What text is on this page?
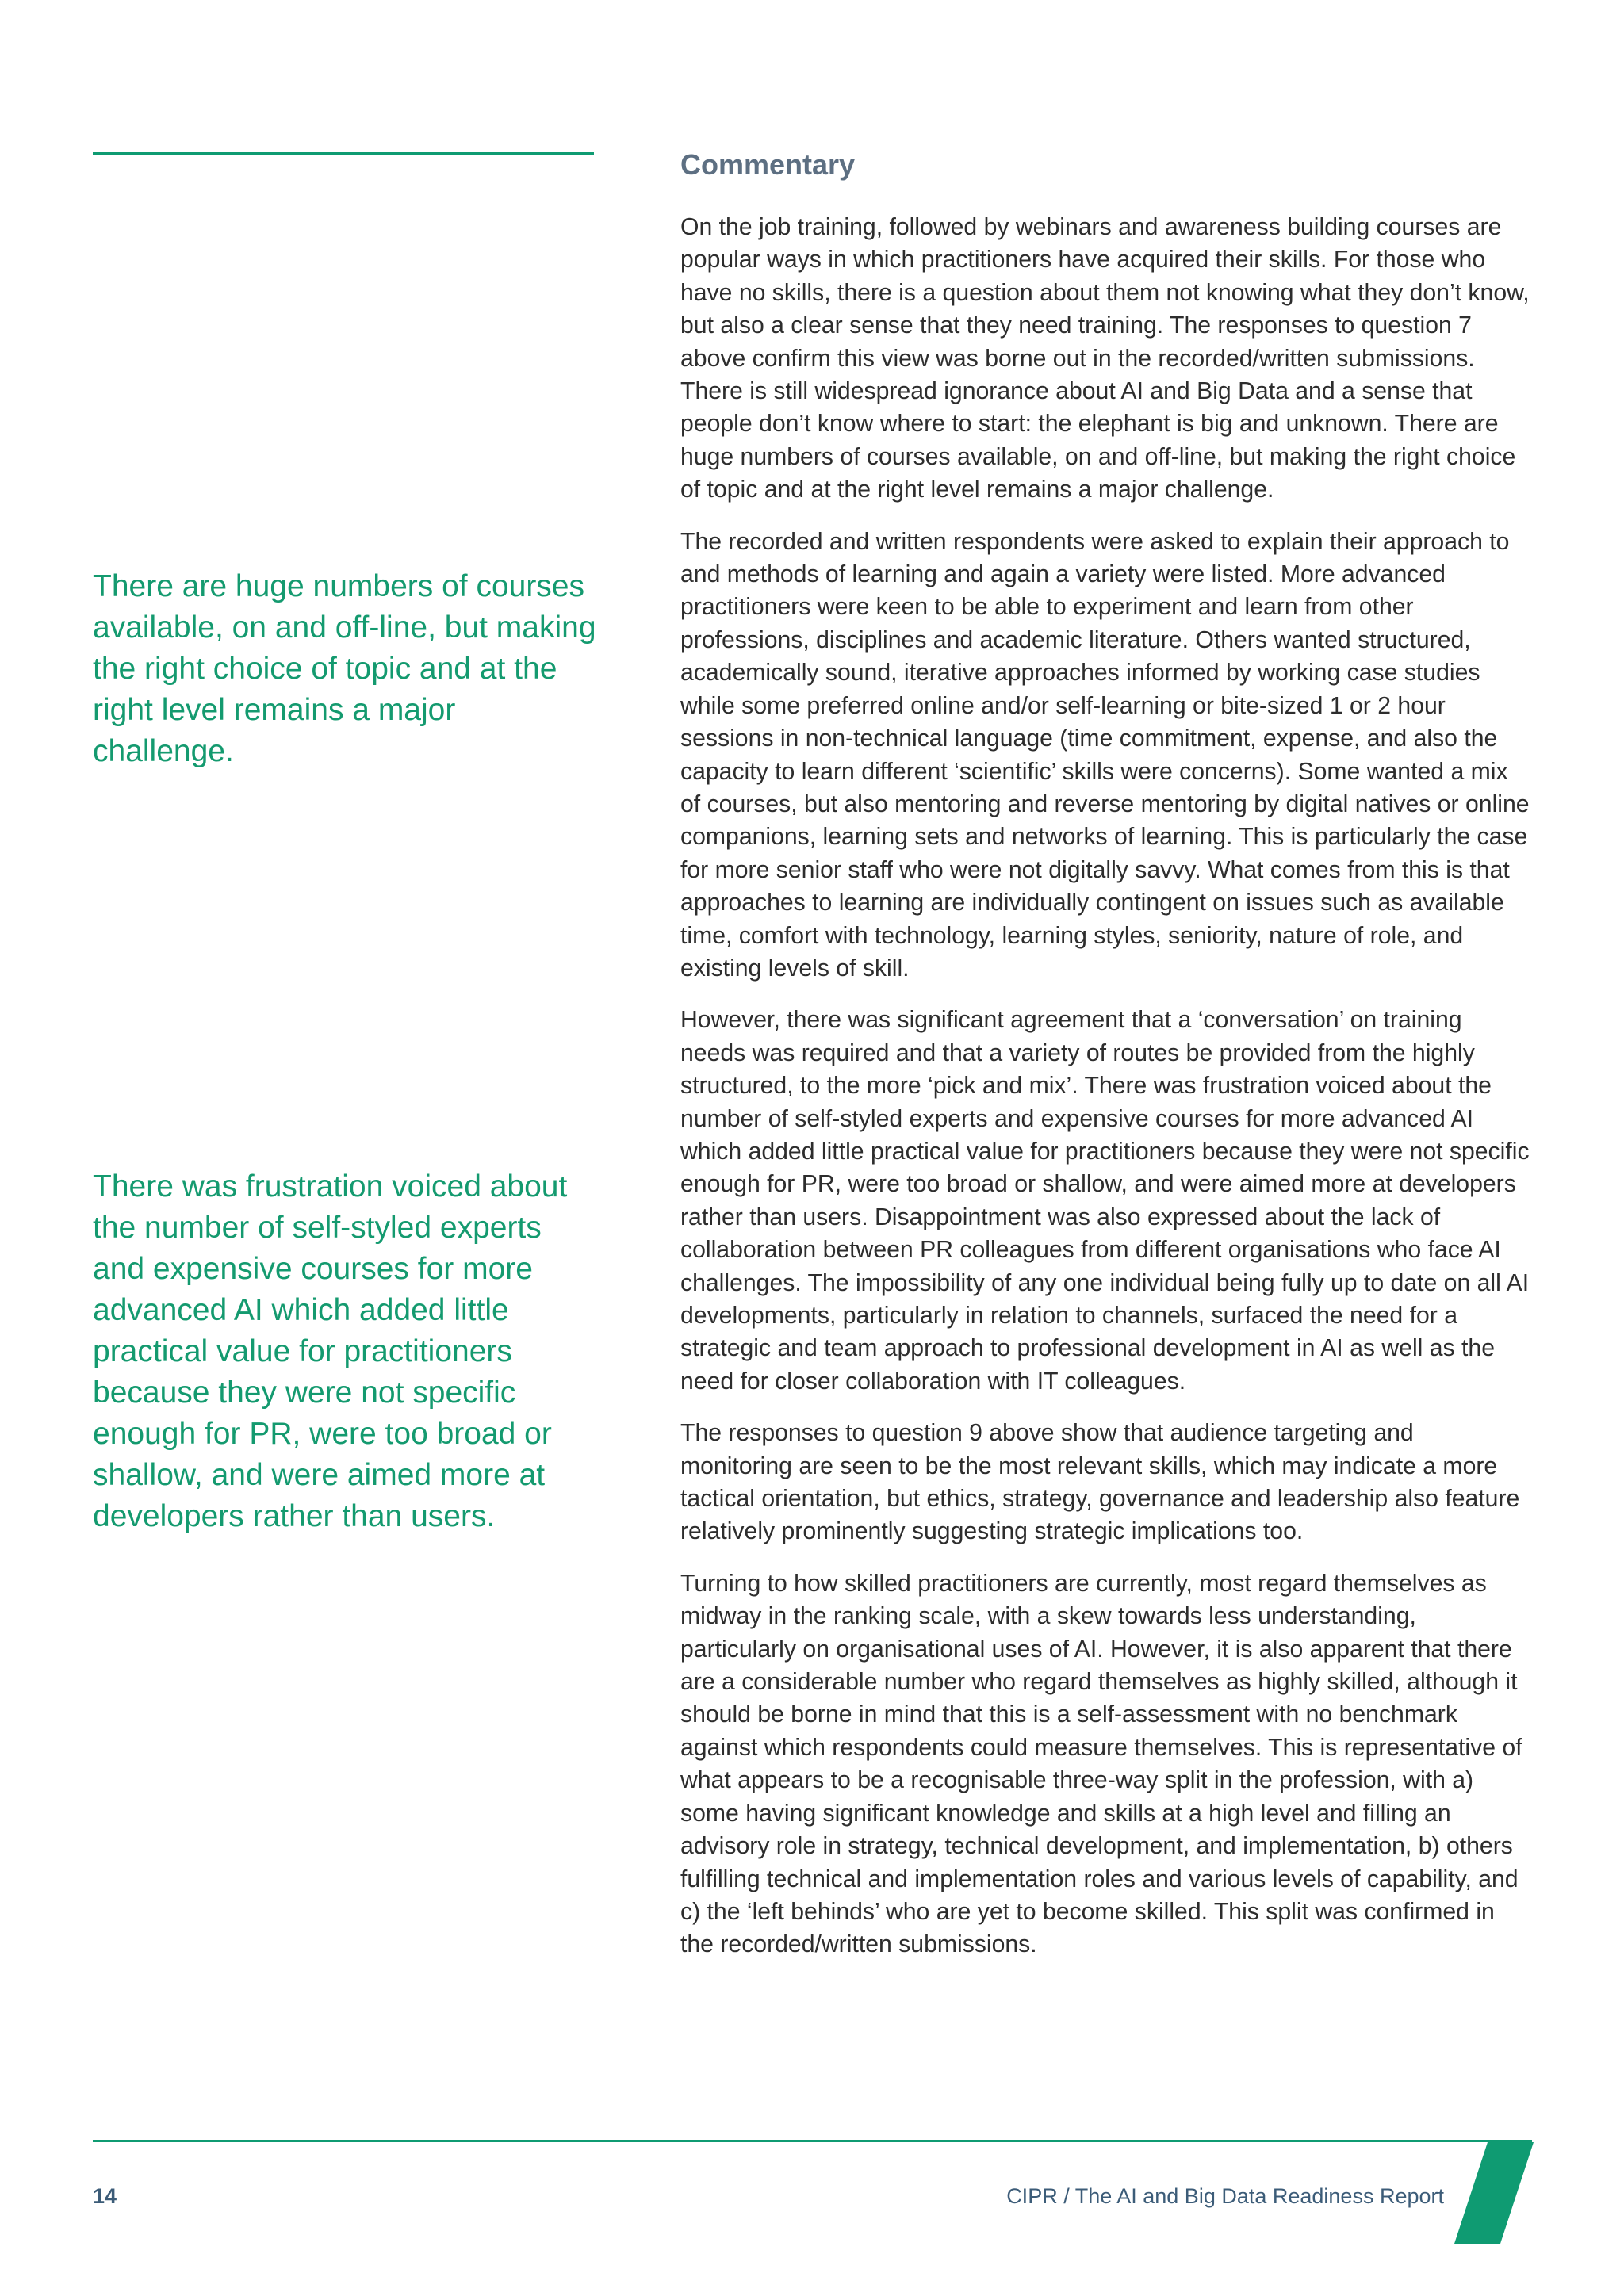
There are huge numbers of courses available, on and off-line, but making the right choice of topic and at the right level remains a major challenge.

There was frustration voiced about the number of self-styled experts and expensive courses for more advanced AI which added little practical value for practitioners because they were not specific enough for PR, were too broad or shallow, and were aimed more at developers rather than users.

Commentary

On the job training, followed by webinars and awareness building courses are popular ways in which practitioners have acquired their skills. For those who have no skills, there is a question about them not knowing what they don’t know, but also a clear sense that they need training. The responses to question 7 above confirm this view was borne out in the recorded/written submissions. There is still widespread ignorance about AI and Big Data and a sense that people don’t know where to start: the elephant is big and unknown. There are huge numbers of courses available, on and off-line, but making the right choice of topic and at the right level remains a major challenge.

The recorded and written respondents were asked to explain their approach to and methods of learning and again a variety were listed. More advanced practitioners were keen to be able to experiment and learn from other professions, disciplines and academic literature. Others wanted structured, academically sound, iterative approaches informed by working case studies while some preferred online and/or self-learning or bite-sized 1 or 2 hour sessions in non-technical language (time commitment, expense, and also the capacity to learn different ‘scientific’ skills were concerns). Some wanted a mix of courses, but also mentoring and reverse mentoring by digital natives or online companions, learning sets and networks of learning. This is particularly the case for more senior staff who were not digitally savvy. What comes from this is that approaches to learning are individually contingent on issues such as available time, comfort with technology, learning styles, seniority, nature of role, and existing levels of skill.

However, there was significant agreement that a ‘conversation’ on training needs was required and that a variety of routes be provided from the highly structured, to the more ‘pick and mix’. There was frustration voiced about the number of self-styled experts and expensive courses for more advanced AI which added little practical value for practitioners because they were not specific enough for PR, were too broad or shallow, and were aimed more at developers rather than users. Disappointment was also expressed about the lack of collaboration between PR colleagues from different organisations who face AI challenges. The impossibility of any one individual being fully up to date on all AI developments, particularly in relation to channels, surfaced the need for a strategic and team approach to professional development in AI as well as the need for closer collaboration with IT colleagues.

The responses to question 9 above show that audience targeting and monitoring are seen to be the most relevant skills, which may indicate a more tactical orientation, but ethics, strategy, governance and leadership also feature relatively prominently suggesting strategic implications too.

Turning to how skilled practitioners are currently, most regard themselves as midway in the ranking scale, with a skew towards less understanding, particularly on organisational uses of AI. However, it is also apparent that there are a considerable number who regard themselves as highly skilled, although it should be borne in mind that this is a self-assessment with no benchmark against which respondents could measure themselves. This is representative of what appears to be a recognisable three-way split in the profession, with a) some having significant knowledge and skills at a high level and filling an advisory role in strategy, technical development, and implementation, b) others fulfilling technical and implementation roles and various levels of capability, and c) the ‘left behinds’ who are yet to become skilled. This split was confirmed in the recorded/written submissions.

14	CIPR / The AI and Big Data Readiness Report
